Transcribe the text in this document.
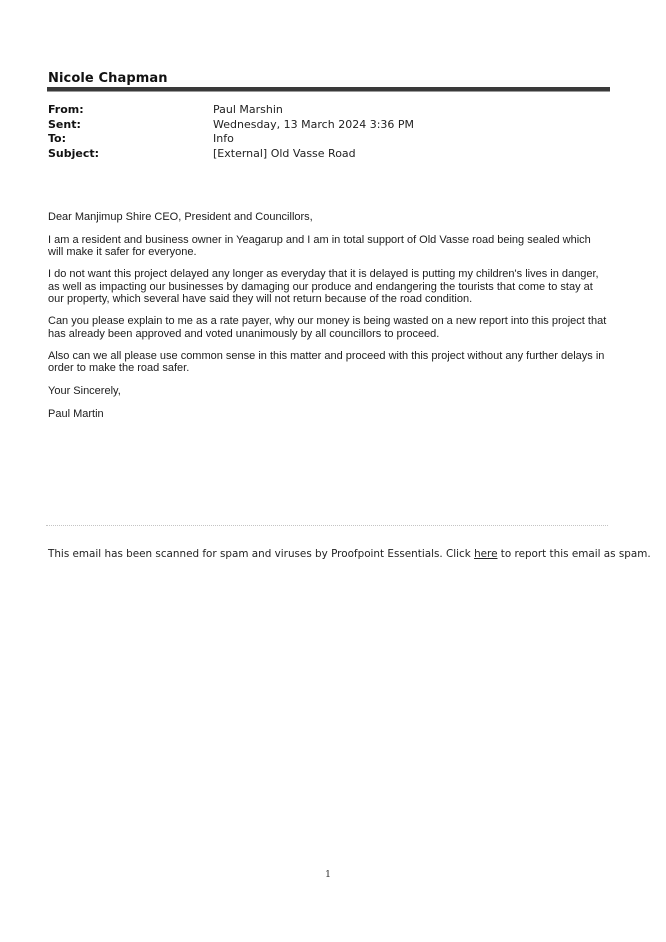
Nicole Chapman
From:	Paul Marshin
Sent:	Wednesday, 13 March 2024 3:36 PM
To:	Info
Subject:	[External] Old Vasse Road

Dear Manjimup Shire CEO, President and Councillors,

I am a resident and business owner in Yeagarup and I am in total support of Old Vasse road being sealed which will make it safer for everyone.

I do not want this project delayed any longer as everyday that it is delayed is putting my children's lives in danger, as well as impacting our businesses by damaging our produce and endangering the tourists that come to stay at our property, which several have said they will not return because of the road condition.

Can you please explain to me as a rate payer, why our money is being wasted on a new report into this project that has already been approved and voted unanimously by all councillors to proceed.

Also can we all please use common sense in this matter and proceed with this project without any further delays in order to make the road safer.

Your Sincerely,

Paul Martin

This email has been scanned for spam and viruses by Proofpoint Essentials. Click here to report this email as spam.
1
